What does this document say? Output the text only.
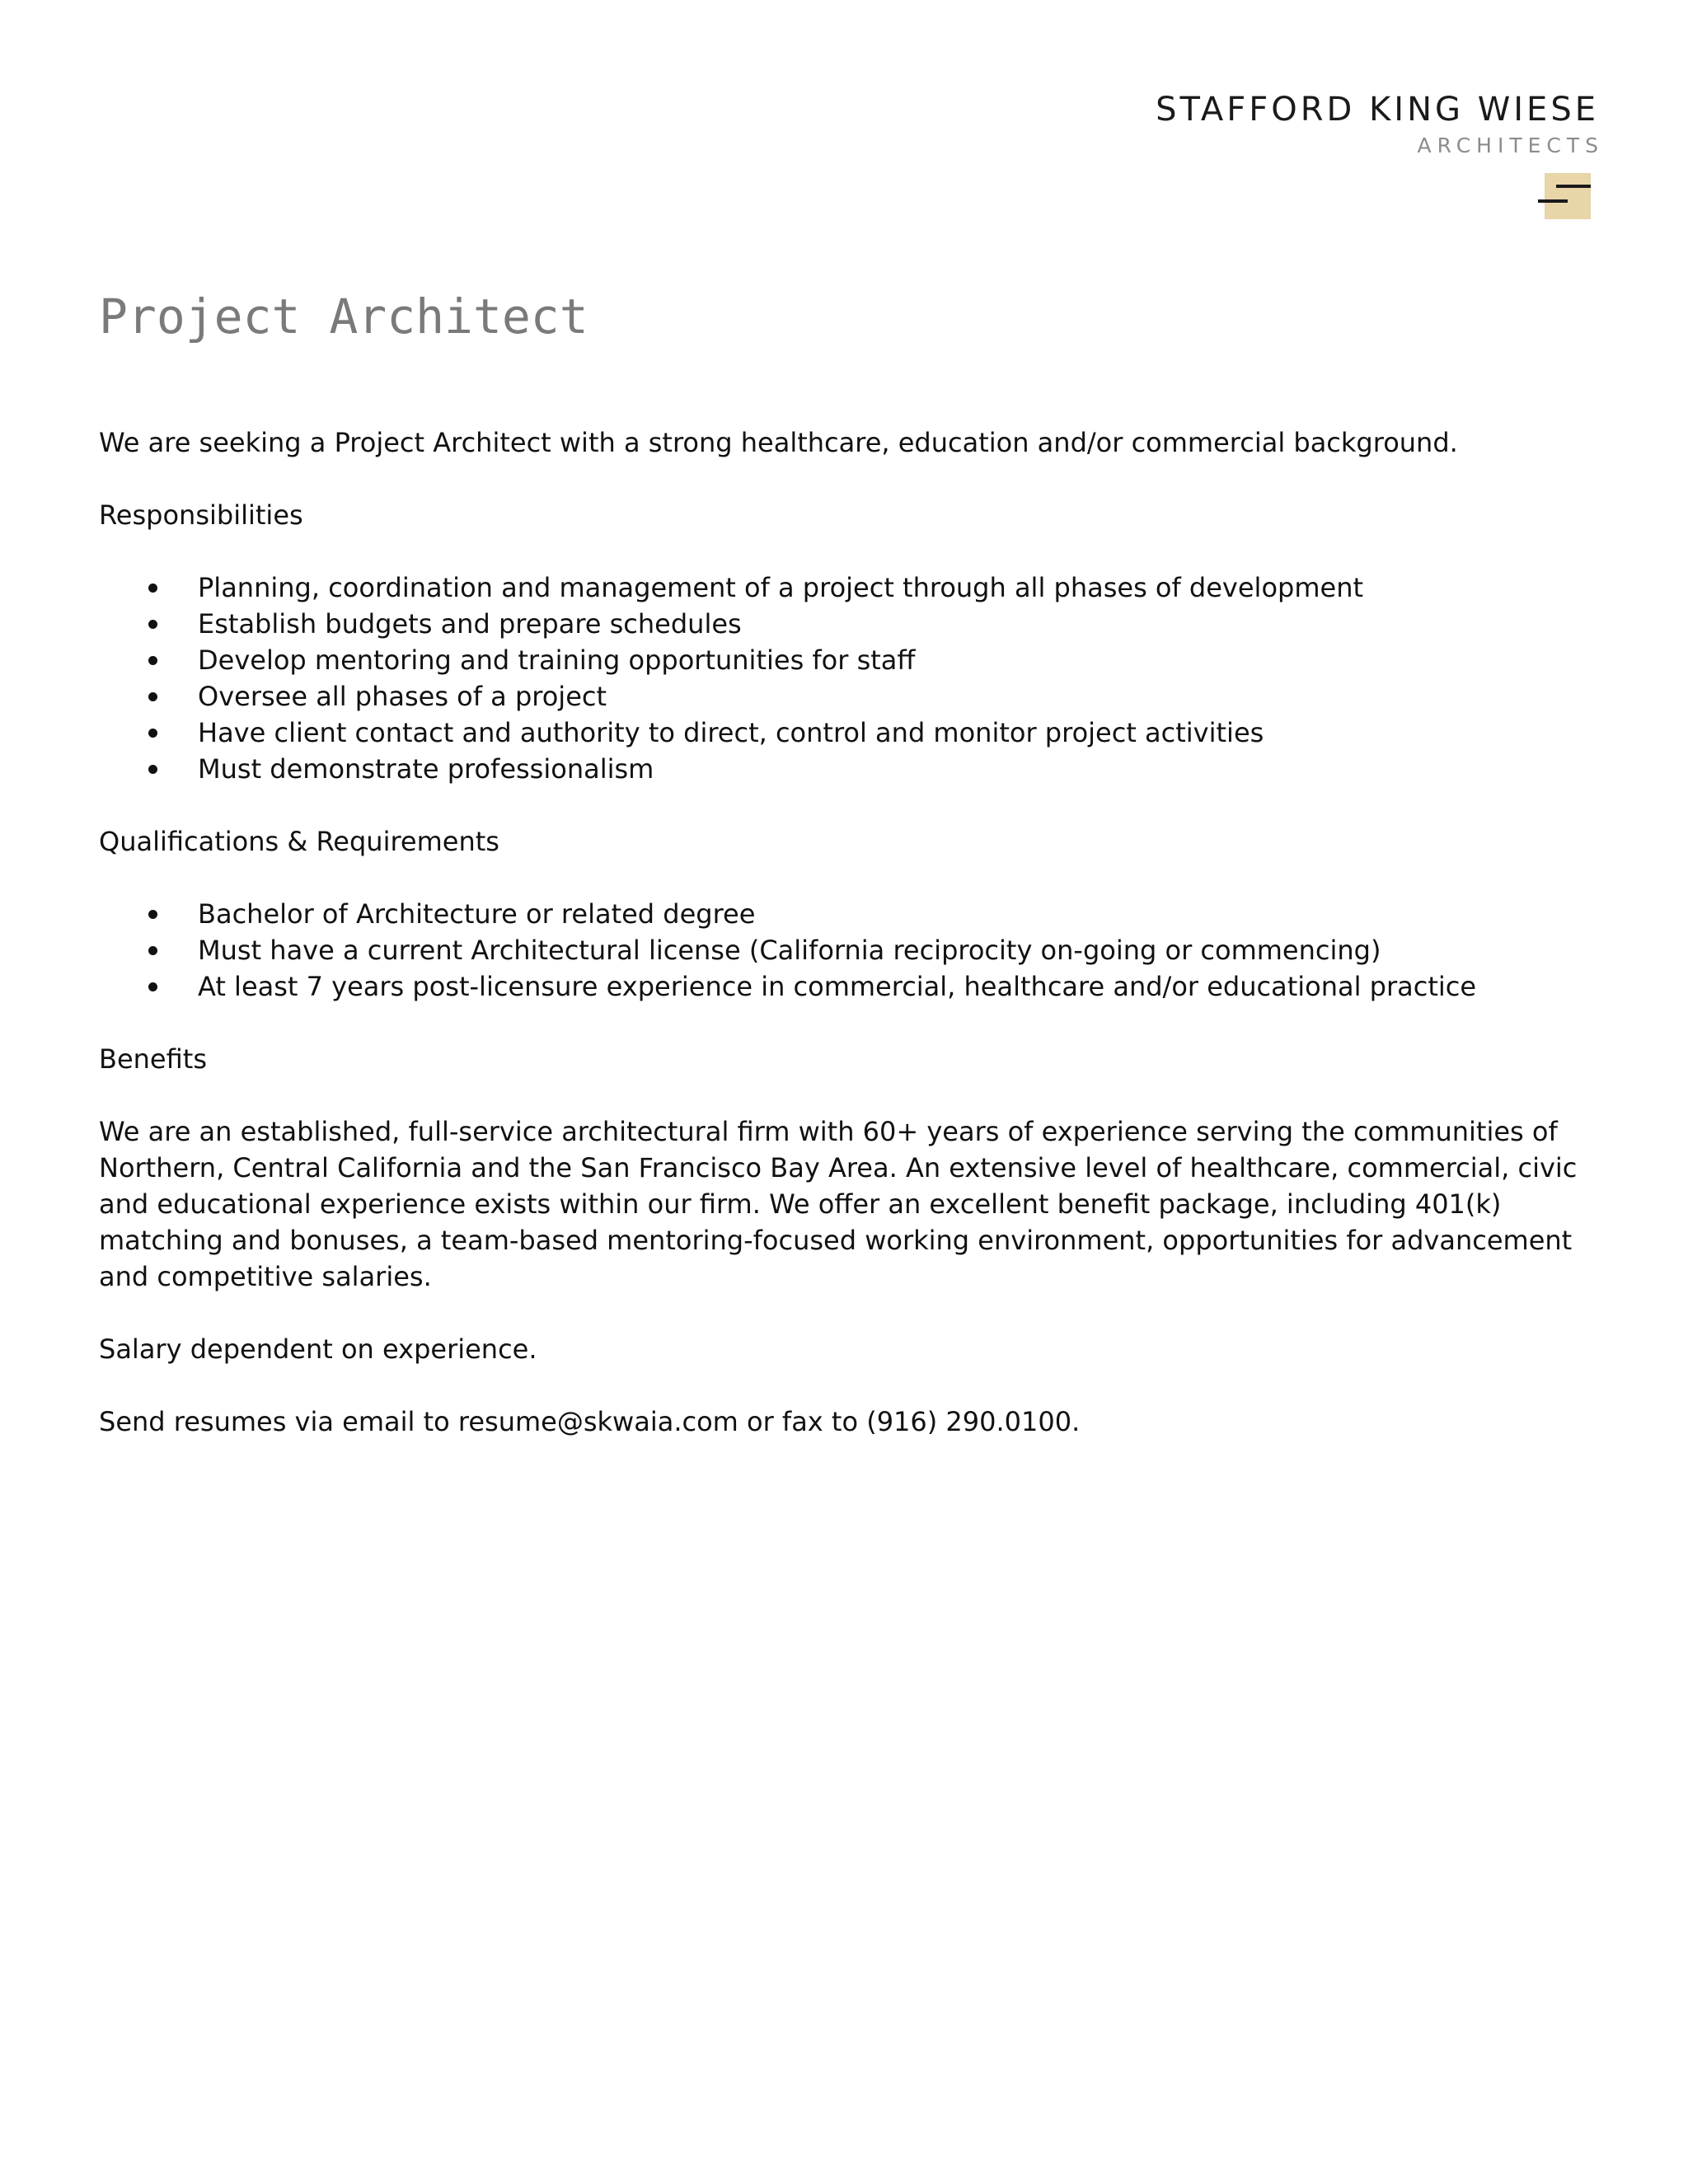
STAFFORD KING WIESE
ARCHITECTS
Project Architect

We are seeking a Project Architect with a strong healthcare, education and/or commercial background.

Responsibilities

Planning, coordination and management of a project through all phases of development
Establish budgets and prepare schedules
Develop mentoring and training opportunities for staff
Oversee all phases of a project
Have client contact and authority to direct, control and monitor project activities
Must demonstrate professionalism

Qualifications & Requirements

Bachelor of Architecture or related degree
Must have a current Architectural license (California reciprocity on-going or commencing)
At least 7 years post-licensure experience in commercial, healthcare and/or educational practice

Benefits

We are an established, full-service architectural firm with 60+ years of experience serving the communities of Northern, Central California and the San Francisco Bay Area. An extensive level of healthcare, commercial, civic and educational experience exists within our firm. We offer an excellent benefit package, including 401(k) matching and bonuses, a team-based mentoring-focused working environment, opportunities for advancement and competitive salaries.

Salary dependent on experience.

Send resumes via email to resume@skwaia.com or fax to (916) 290.0100.
